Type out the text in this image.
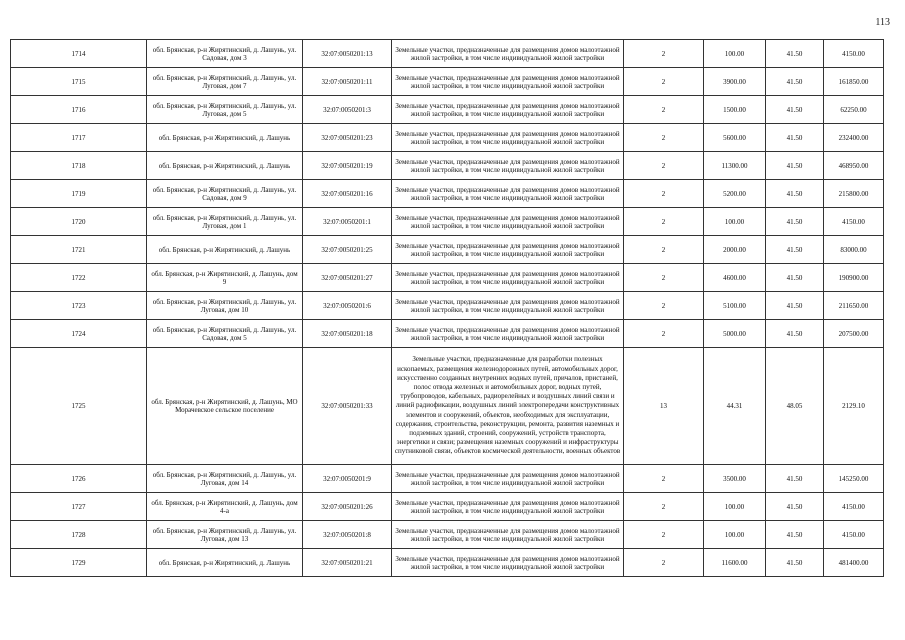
113
1714	обл. Брянская, р-н Жирятинский, д. Лашунь, ул. Садовая, дом 3	32:07:0050201:13	Земельные участки, предназначенные для размещения домов малоэтажной жилой застройки, в том числе индивидуальной жилой застройки	2	100.00	41.50	4150.00
1715	обл. Брянская, р-н Жирятинский, д. Лашунь, ул. Луговая, дом 7	32:07:0050201:11	Земельные участки, предназначенные для размещения домов малоэтажной жилой застройки, в том числе индивидуальной жилой застройки	2	3900.00	41.50	161850.00
1716	обл. Брянская, р-н Жирятинский, д. Лашунь, ул. Луговая, дом 5	32:07:0050201:3	Земельные участки, предназначенные для размещения домов малоэтажной жилой застройки, в том числе индивидуальной жилой застройки	2	1500.00	41.50	62250.00
1717	обл. Брянская, р-н Жирятинский, д. Лашунь	32:07:0050201:23	Земельные участки, предназначенные для размещения домов малоэтажной жилой застройки, в том числе индивидуальной жилой застройки	2	5600.00	41.50	232400.00
1718	обл. Брянская, р-н Жирятинский, д. Лашунь	32:07:0050201:19	Земельные участки, предназначенные для размещения домов малоэтажной жилой застройки, в том числе индивидуальной жилой застройки	2	11300.00	41.50	468950.00
1719	обл. Брянская, р-н Жирятинский, д. Лашунь, ул. Садовая, дом 9	32:07:0050201:16	Земельные участки, предназначенные для размещения домов малоэтажной жилой застройки, в том числе индивидуальной жилой застройки	2	5200.00	41.50	215800.00
1720	обл. Брянская, р-н Жирятинский, д. Лашунь, ул. Луговая, дом 1	32:07:0050201:1	Земельные участки, предназначенные для размещения домов малоэтажной жилой застройки, в том числе индивидуальной жилой застройки	2	100.00	41.50	4150.00
1721	обл. Брянская, р-н Жирятинский, д. Лашунь	32:07:0050201:25	Земельные участки, предназначенные для размещения домов малоэтажной жилой застройки, в том числе индивидуальной жилой застройки	2	2000.00	41.50	83000.00
1722	обл. Брянская, р-н Жирятинский, д. Лашунь, дом 9	32:07:0050201:27	Земельные участки, предназначенные для размещения домов малоэтажной жилой застройки, в том числе индивидуальной жилой застройки	2	4600.00	41.50	190900.00
1723	обл. Брянская, р-н Жирятинский, д. Лашунь, ул. Луговая, дом 10	32:07:0050201:6	Земельные участки, предназначенные для размещения домов малоэтажной жилой застройки, в том числе индивидуальной жилой застройки	2	5100.00	41.50	211650.00
1724	обл. Брянская, р-н Жирятинский, д. Лашунь, ул. Садовая, дом 5	32:07:0050201:18	Земельные участки, предназначенные для размещения домов малоэтажной жилой застройки, в том числе индивидуальной жилой застройки	2	5000.00	41.50	207500.00
1725	обл. Брянская, р-н Жирятинский, д. Лашунь, МО Морачевское сельское поселение	32:07:0050201:33	Земельные участки, предназначенные для разработки полезных ископаемых, размещения железнодорожных путей, автомобильных дорог, искусственно созданных внутренних водных путей, причалов, пристаней, полос отвода железных и автомобильных дорог, водных путей, трубопроводов, кабельных, радиорелейных и воздушных линий связи и линий радиофикации, воздушных линий электропередачи конструктивных элементов и сооружений, объектов, необходимых для эксплуатации, содержания, строительства, реконструкции, ремонта, развития наземных и подземных зданий, строений, сооружений, устройств транспорта, энергетики и связи; размещения наземных сооружений и инфраструктуры спутниковой связи, объектов космической деятельности, военных объектов	13	44.31	48.05	2129.10
1726	обл. Брянская, р-н Жирятинский, д. Лашунь, ул. Луговая, дом 14	32:07:0050201:9	Земельные участки, предназначенные для размещения домов малоэтажной жилой застройки, в том числе индивидуальной жилой застройки	2	3500.00	41.50	145250.00
1727	обл. Брянская, р-н Жирятинский, д. Лашунь, дом 4-а	32:07:0050201:26	Земельные участки, предназначенные для размещения домов малоэтажной жилой застройки, в том числе индивидуальной жилой застройки	2	100.00	41.50	4150.00
1728	обл. Брянская, р-н Жирятинский, д. Лашунь, ул. Луговая, дом 13	32:07:0050201:8	Земельные участки, предназначенные для размещения домов малоэтажной жилой застройки, в том числе индивидуальной жилой застройки	2	100.00	41.50	4150.00
1729	обл. Брянская, р-н Жирятинский, д. Лашунь	32:07:0050201:21	Земельные участки, предназначенные для размещения домов малоэтажной жилой застройки, в том числе индивидуальной жилой застройки	2	11600.00	41.50	481400.00
